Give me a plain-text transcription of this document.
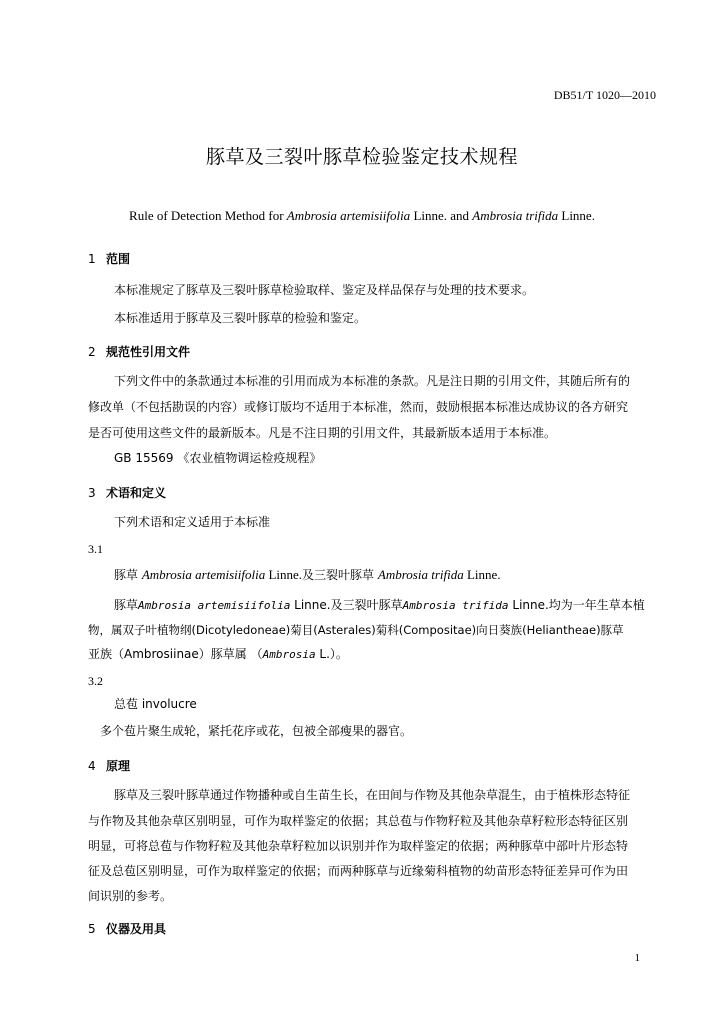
DB51/T 1020—2010
豚草及三裂叶豚草检验鉴定技术规程
Rule of Detection Method for Ambrosia artemisiifolia Linne. and Ambrosia trifida Linne.
1 范围
本标准规定了豚草及三裂叶豚草检验取样、鉴定及样品保存与处理的技术要求。
本标准适用于豚草及三裂叶豚草的检验和鉴定。
2 规范性引用文件
下列文件中的条款通过本标准的引用而成为本标准的条款。凡是注日期的引用文件，其随后所有的
修改单（不包括勘误的内容）或修订版均不适用于本标准，然而，鼓励根据本标准达成协议的各方研究
是否可使用这些文件的最新版本。凡是不注日期的引用文件，其最新版本适用于本标准。
GB 15569 《农业植物调运检疫规程》
3 术语和定义
下列术语和定义适用于本标准
3.1
豚草 Ambrosia artemisiifolia Linne.及三裂叶豚草 Ambrosia trifida Linne.
豚草Ambrosia artemisiifolia Linne.及三裂叶豚草Ambrosia trifida Linne.均为一年生草本植
物，属双子叶植物纲(Dicotyledoneae)菊目(Asterales)菊科(Compositae)向日葵族(Heliantheae)豚草
亚族（Ambrosiinae）豚草属 （Ambrosia L.）。
3.2
总苞 involucre
多个苞片聚生成轮，紧托花序或花，包被全部瘦果的器官。
4 原理
豚草及三裂叶豚草通过作物播种或自生苗生长，在田间与作物及其他杂草混生，由于植株形态特征
与作物及其他杂草区别明显，可作为取样鉴定的依据；其总苞与作物籽粒及其他杂草籽粒形态特征区别
明显，可将总苞与作物籽粒及其他杂草籽粒加以识别并作为取样鉴定的依据；两种豚草中部叶片形态特
征及总苞区别明显，可作为取样鉴定的依据；而两种豚草与近缘菊科植物的幼苗形态特征差异可作为田
间识别的参考。
5 仪器及用具
1
